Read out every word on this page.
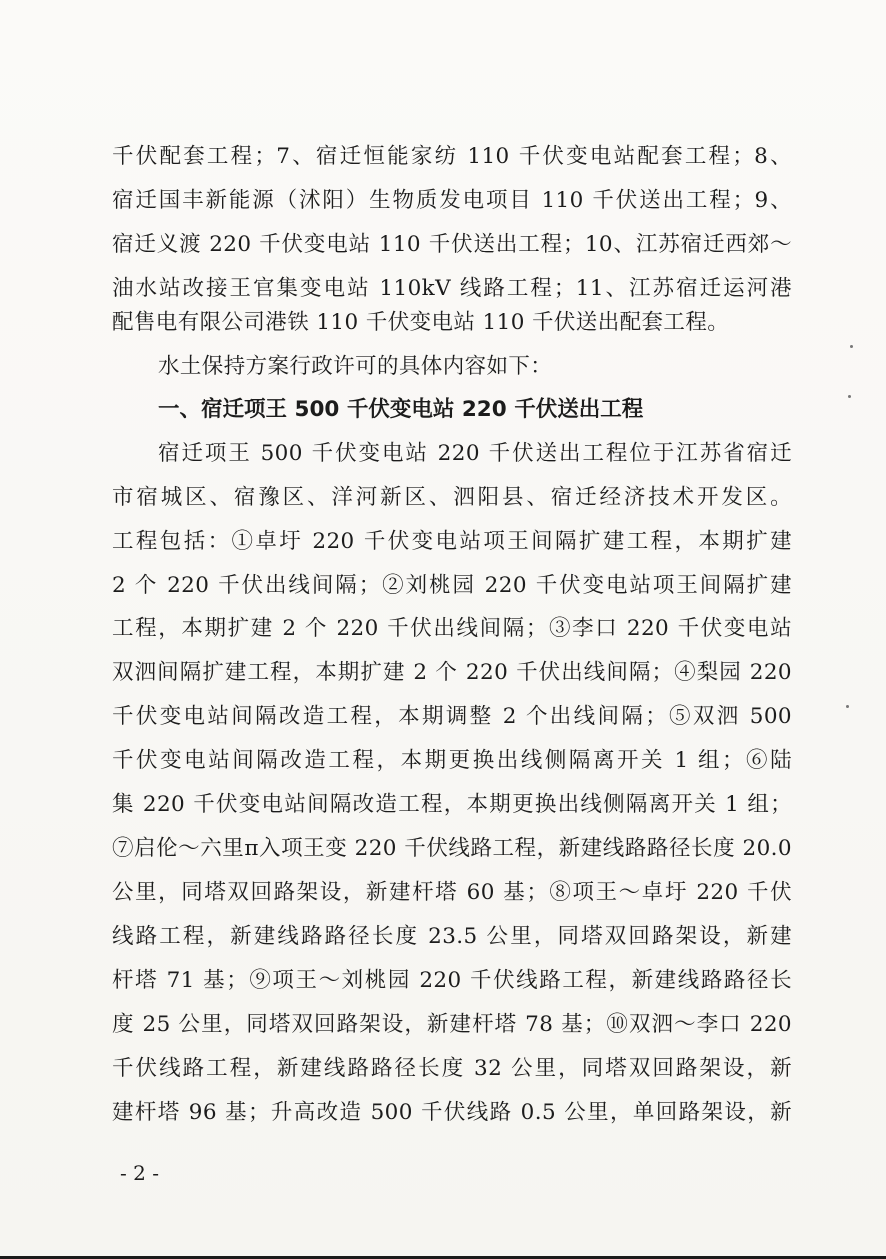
千伏配套工程；7、宿迁恒能家纺 110 千伏变电站配套工程；8、
宿迁国丰新能源（沭阳）生物质发电项目 110 千伏送出工程；9、
宿迁义渡 220 千伏变电站 110 千伏送出工程；10、江苏宿迁西郊～
油水站改接王官集变电站 110kV 线路工程；11、江苏宿迁运河港
配售电有限公司港铁 110 千伏变电站 110 千伏送出配套工程。
水土保持方案行政许可的具体内容如下：
一、宿迁项王 500 千伏变电站 220 千伏送出工程
宿迁项王 500 千伏变电站 220 千伏送出工程位于江苏省宿迁
市宿城区、宿豫区、洋河新区、泗阳县、宿迁经济技术开发区。
工程包括：①卓圩 220 千伏变电站项王间隔扩建工程，本期扩建
2 个 220 千伏出线间隔；②刘桃园 220 千伏变电站项王间隔扩建
工程，本期扩建 2 个 220 千伏出线间隔；③李口 220 千伏变电站
双泗间隔扩建工程，本期扩建 2 个 220 千伏出线间隔；④梨园 220
千伏变电站间隔改造工程，本期调整 2 个出线间隔；⑤双泗 500
千伏变电站间隔改造工程，本期更换出线侧隔离开关 1 组；⑥陆
集 220 千伏变电站间隔改造工程，本期更换出线侧隔离开关 1 组；
⑦启伦～六里π入项王变 220 千伏线路工程，新建线路路径长度 20.0
公里，同塔双回路架设，新建杆塔 60 基；⑧项王～卓圩 220 千伏
线路工程，新建线路路径长度 23.5 公里，同塔双回路架设，新建
杆塔 71 基；⑨项王～刘桃园 220 千伏线路工程，新建线路路径长
度 25 公里，同塔双回路架设，新建杆塔 78 基；⑩双泗～李口 220
千伏线路工程，新建线路路径长度 32 公里，同塔双回路架设，新
建杆塔 96 基；升高改造 500 千伏线路 0.5 公里，单回路架设，新
- 2 -
